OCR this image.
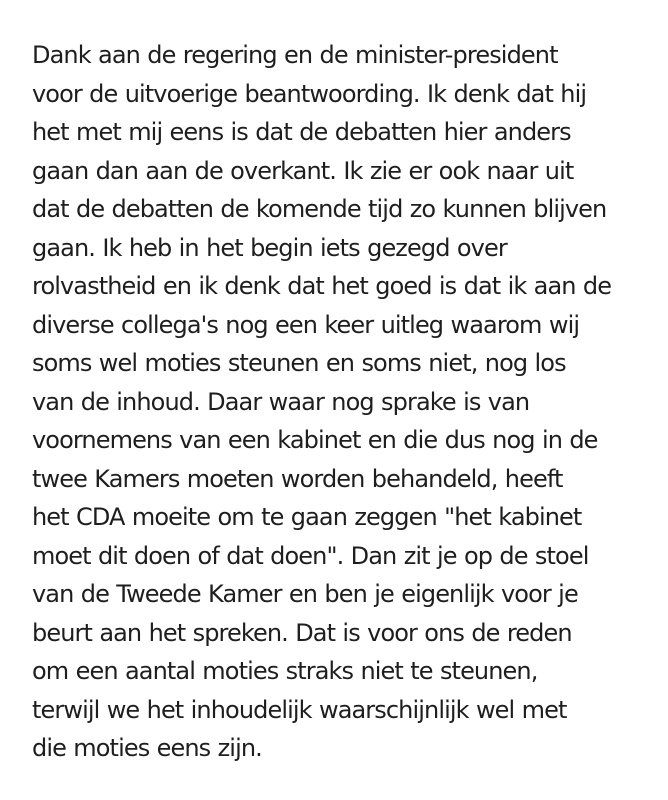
Dank aan de regering en de minister-president
voor de uitvoerige beantwoording. Ik denk dat hij
het met mij eens is dat de debatten hier anders
gaan dan aan de overkant. Ik zie er ook naar uit
dat de debatten de komende tijd zo kunnen blijven
gaan. Ik heb in het begin iets gezegd over
rolvastheid en ik denk dat het goed is dat ik aan de
diverse collega's nog een keer uitleg waarom wij
soms wel moties steunen en soms niet, nog los
van de inhoud. Daar waar nog sprake is van
voornemens van een kabinet en die dus nog in de
twee Kamers moeten worden behandeld, heeft
het CDA moeite om te gaan zeggen "het kabinet
moet dit doen of dat doen". Dan zit je op de stoel
van de Tweede Kamer en ben je eigenlijk voor je
beurt aan het spreken. Dat is voor ons de reden
om een aantal moties straks niet te steunen,
terwijl we het inhoudelijk waarschijnlijk wel met
die moties eens zijn.
